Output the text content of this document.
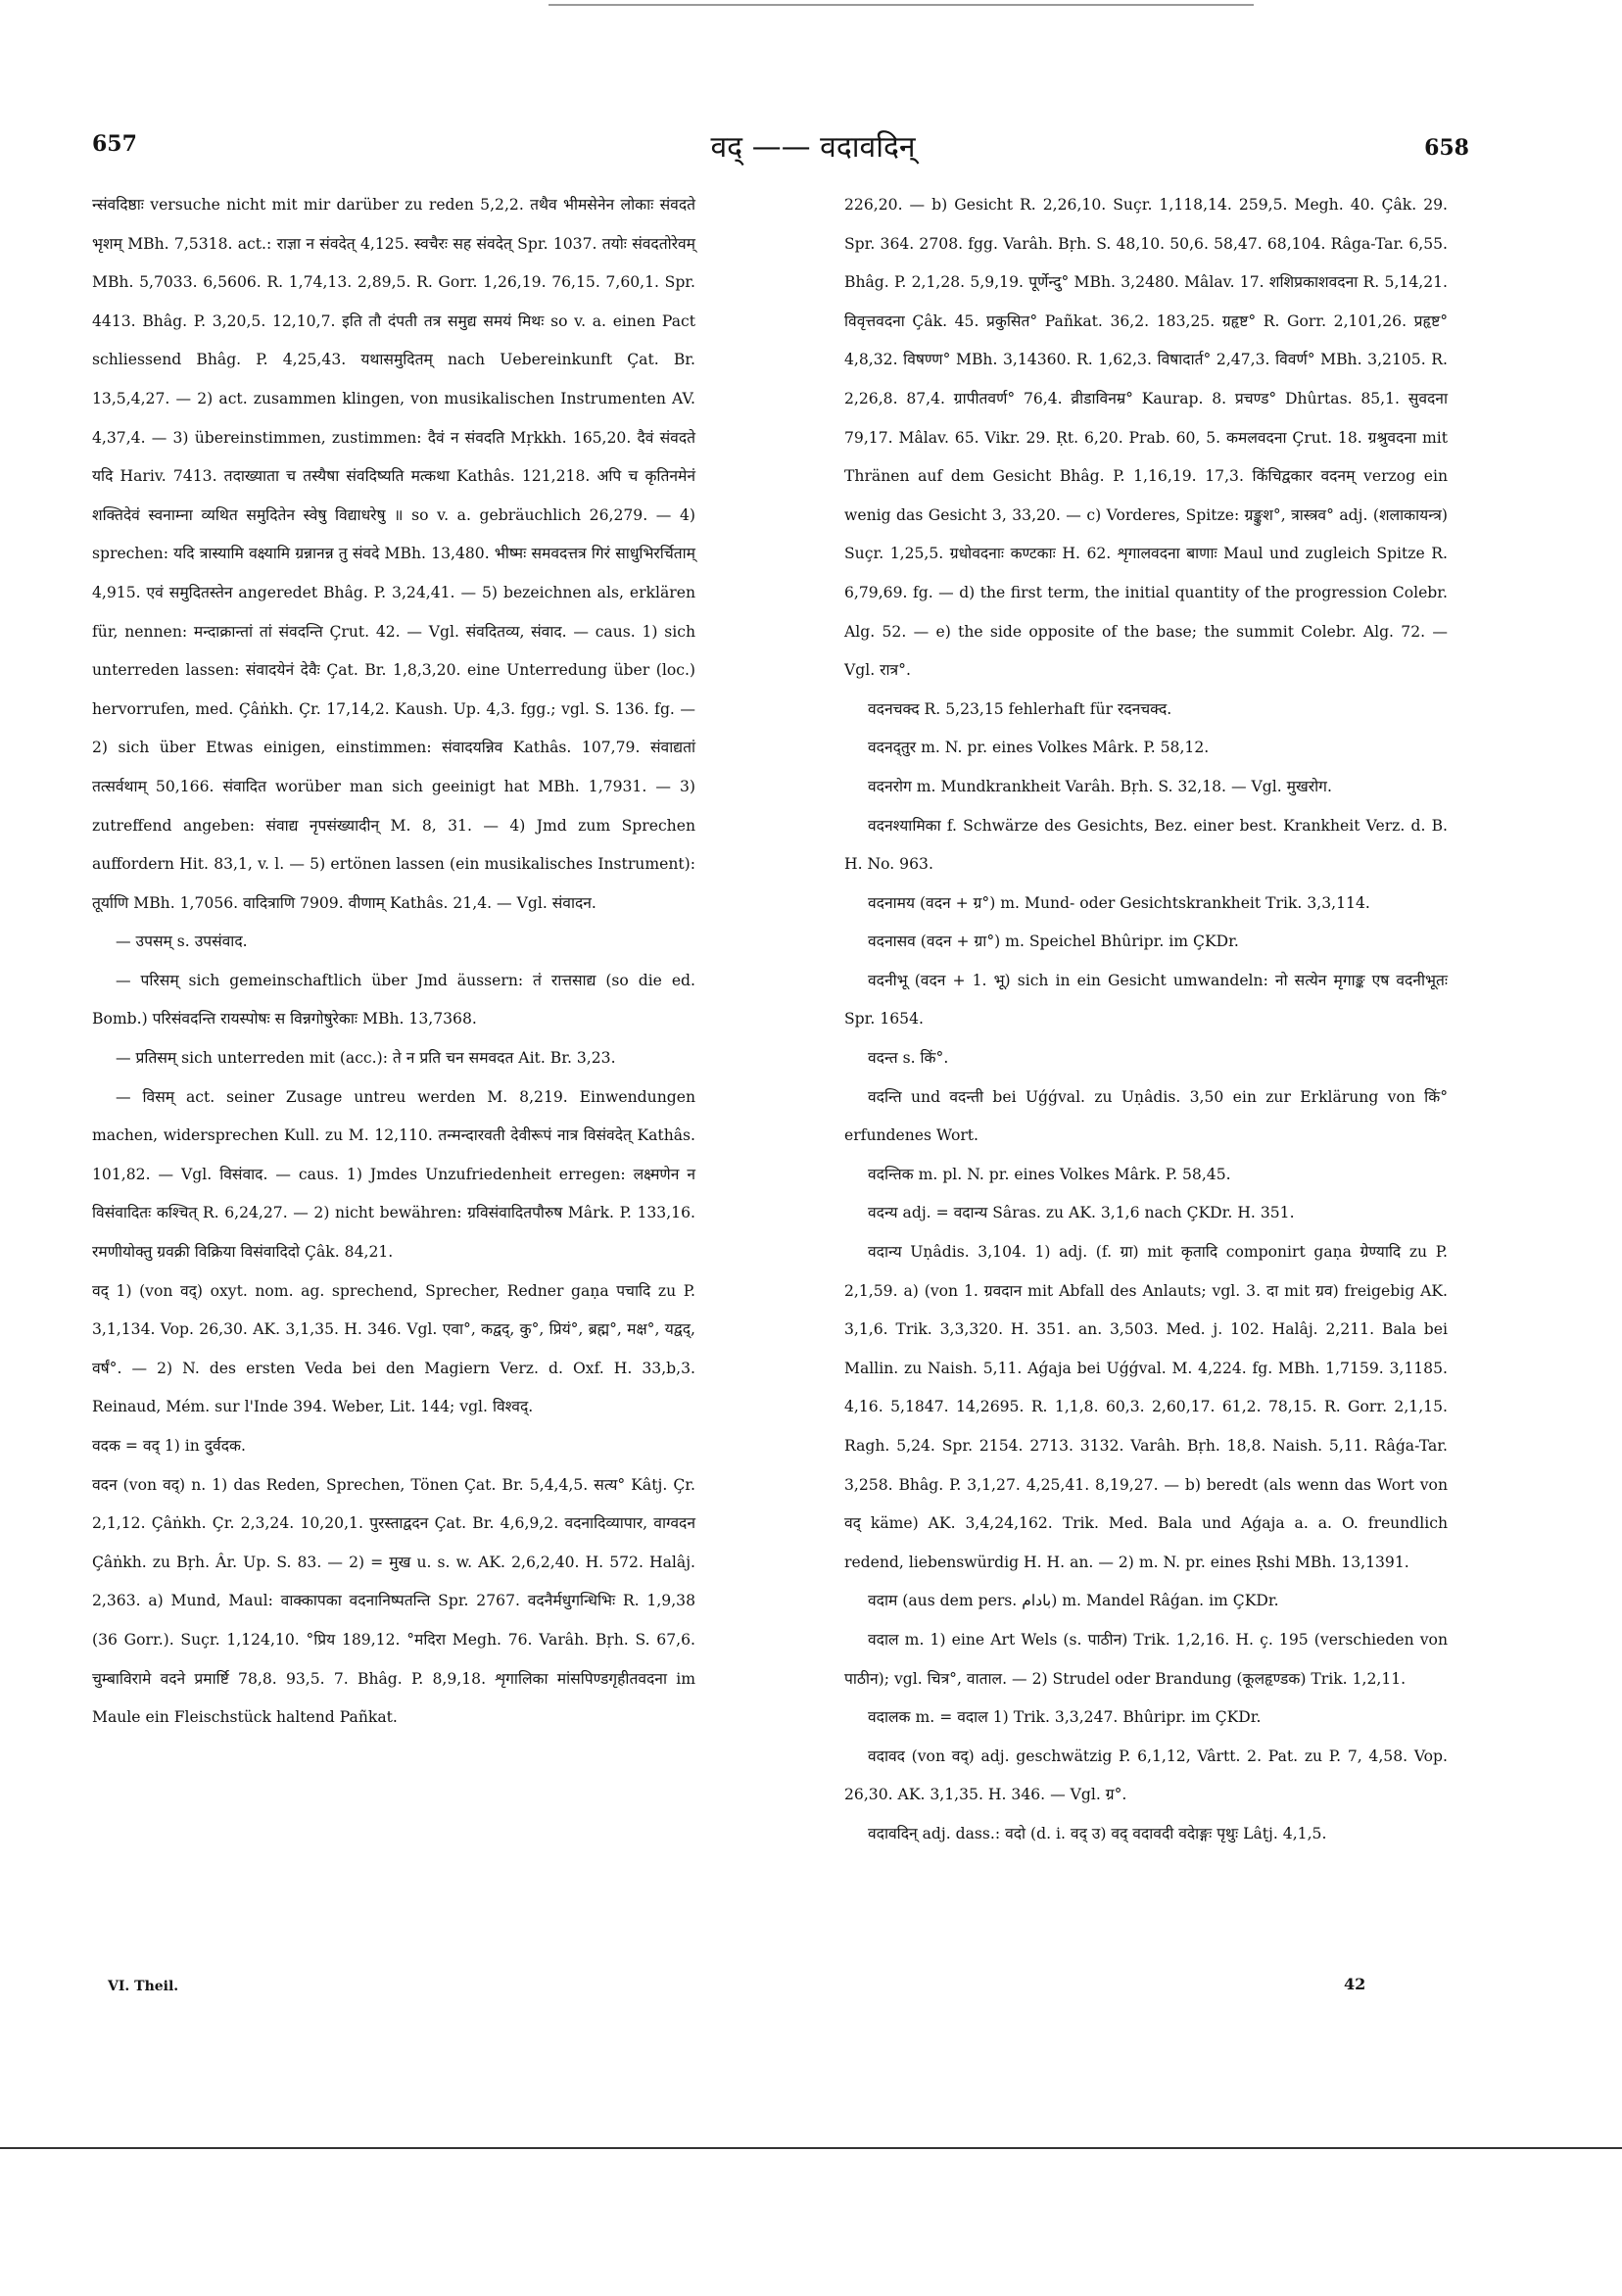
657	वद् —— वदावदिन्	658

न्संवदिष्ठाः versuche nicht mit mir darüber zu reden 5,2,2. तथैव भीमसेनेन लोकाः संवदते भृशम् MBh. 7,5318. act.: राज्ञा न संवदेत् 4,125. स्वचैरः सह संवदेत् Spr. 1037. तयोः संवदतोरेवम् MBh. 5,7033. 6,5606. R. 1,74,13. 2,89,5. R. Gorr. 1,26,19. 76,15. 7,60,1. Spr. 4413. Bhâg. P. 3,20,5. 12,10,7. इति तौ दंपती तत्र समुद्य समयं मिथः so v. a. einen Pact schliessend Bhâg. P. 4,25,43. यथासमुदितम् nach Uebereinkunft Çat. Br. 13,5,4,27. — 2) act. zusammen klingen, von musikalischen Instrumenten AV. 4,37,4. — 3) übereinstimmen, zustimmen: दैवं न संवदति Mṛkkh. 165,20. दैवं संवदते यदि Hariv. 7413. तदाख्याता च तस्यैषा संवदिष्यति मत्कथा Kathâs. 121,218. अपि च कृतिनमेनं शक्तिदेवं स्वनाम्ना व्यथित समुदितेन स्वेषु विद्याधरेषु ॥ so v. a. gebräuchlich 26,279. — 4) sprechen: यदि त्रास्यामि वक्ष्यामि ग्रन्नानन्न तु संवदे MBh. 13,480. भीष्मः समवदत्तत्र गिरं साधुभिरर्चिताम् 4,915. एवं समुदितस्तेन angeredet Bhâg. P. 3,24,41. — 5) bezeichnen als, erklären für, nennen: मन्दाक्रान्तां तां संवदन्ति Çrut. 42. — Vgl. संवदितव्य, संवाद. — caus. 1) sich unterreden lassen: संवादयेनं देवैः Çat. Br. 1,8,3,20. eine Unterredung über (loc.) hervorrufen, med. Çâṅkh. Çr. 17,14,2. Kaush. Up. 4,3. fgg.; vgl. S. 136. fg. — 2) sich über Etwas einigen, einstimmen: संवादयन्निव Kathâs. 107,79. संवाद्यतां तत्सर्वथाम् 50,166. संवादित worüber man sich geeinigt hat MBh. 1,7931. — 3) zutreffend angeben: संवाद्य नृपसंख्यादीन् M. 8, 31. — 4) Jmd zum Sprechen auffordern Hit. 83,1, v. l. — 5) ertönen lassen (ein musikalisches Instrument): तूर्याणि MBh. 1,7056. वादित्राणि 7909. वीणाम् Kathâs. 21,4. — Vgl. संवादन.

— उपसम् s. उपसंवाद.

— परिसम् sich gemeinschaftlich über Jmd äussern: तं रात्तसाद्य (so die ed. Bomb.) परिसंवदन्ति रायस्पोषः स विन्नगोषुरेकाः MBh. 13,7368.

— प्रतिसम् sich unterreden mit (acc.): ते न प्रति चन समवदत Ait. Br. 3,23.

— विसम् act. seiner Zusage untreu werden M. 8,219. Einwendungen machen, widersprechen Kull. zu M. 12,110. तन्मन्दारवती देवीरूपं नात्र विसंवदेत् Kathâs. 101,82. — Vgl. विसंवाद. — caus. 1) Jmdes Unzufriedenheit erregen: लक्ष्मणेन न विसंवादितः कश्चित् R. 6,24,27. — 2) nicht bewähren: ग्रविसंवादितपौरुष Mârk. P. 133,16. रमणीयोक्तु ग्रवक्री विक्रिया विसंवादिदो Çâk. 84,21.

वद् 1) (von वद्) oxyt. nom. ag. sprechend, Sprecher, Redner gaṇa पचादि zu P. 3,1,134. Vop. 26,30. AK. 3,1,35. H. 346. Vgl. एवा°, कद्वद्, कु°, प्रियं°, ब्रह्म°, मक्ष°, यद्वद्, वर्षं°. — 2) N. des ersten Veda bei den Magiern Verz. d. Oxf. H. 33,b,3. Reinaud, Mém. sur l'Inde 394. Weber, Lit. 144; vgl. विश्वद्.

वदक = वद् 1) in दुर्वदक.

वदन (von वद्) n. 1) das Reden, Sprechen, Tönen Çat. Br. 5,4,4,5. सत्य° Kâtj. Çr. 2,1,12. Çâṅkh. Çr. 2,3,24. 10,20,1. पुरस्ताद्वदन Çat. Br. 4,6,9,2. वदनादिव्यापार, वाग्वदन Çâṅkh. zu Bṛh. Âr. Up. S. 83. — 2) = मुख u. s. w. AK. 2,6,2,40. H. 572. Halâj. 2,363. a) Mund, Maul: वाक्कापका वदनानिष्पतन्ति Spr. 2767. वदनैर्मधुगन्धिभिः R. 1,9,38 (36 Gorr.). Suçr. 1,124,10. °प्रिय 189,12. °मदिरा Megh. 76. Varâh. Bṛh. S. 67,6. चुम्बाविरामे वदने प्रमार्ष्टि 78,8. 93,5. 7. Bhâg. P. 8,9,18. शृगालिका मांसपिण्डगृहीतवदना im Maule ein Fleischstück haltend Pañkat.

226,20. — b) Gesicht R. 2,26,10. Suçr. 1,118,14. 259,5. Megh. 40. Çâk. 29. Spr. 364. 2708. fgg. Varâh. Bṛh. S. 48,10. 50,6. 58,47. 68,104. Râga-Tar. 6,55. Bhâg. P. 2,1,28. 5,9,19. पूर्णेन्दु° MBh. 3,2480. Mâlav. 17. शशिप्रकाशवदना R. 5,14,21. विवृत्तवदना Çâk. 45. प्रकुसित° Pañkat. 36,2. 183,25. ग्रहृष्ट° R. Gorr. 2,101,26. प्रहृष्ट° 4,8,32. विषण्ण° MBh. 3,14360. R. 1,62,3. विषादार्त° 2,47,3. विवर्ण° MBh. 3,2105. R. 2,26,8. 87,4. ग्रापीतवर्ण° 76,4. व्रीडाविनम्र° Kaurap. 8. प्रचण्ड° Dhûrtas. 85,1. सुवदना 79,17. Mâlav. 65. Vikr. 29. Ṛt. 6,20. Prab. 60, 5. कमलवदना Çrut. 18. ग्रश्रुवदना mit Thränen auf dem Gesicht Bhâg. P. 1,16,19. 17,3. किंचिद्वकार वदनम् verzog ein wenig das Gesicht 3, 33,20. — c) Vorderes, Spitze: ग्रङ्कुश°, त्रास्त्रव° adj. (शलाकायन्त्र) Suçr. 1,25,5. ग्रधोवदनाः कण्टकाः H. 62. शृगालवदना बाणाः Maul und zugleich Spitze R. 6,79,69. fg. — d) the first term, the initial quantity of the progression Colebr. Alg. 52. — e) the side opposite of the base; the summit Colebr. Alg. 72. — Vgl. रात्र°.

वदनचक्द R. 5,23,15 fehlerhaft für रदनचक्द.

वदनद्तुर m. N. pr. eines Volkes Mârk. P. 58,12.

वदनरोग m. Mundkrankheit Varâh. Bṛh. S. 32,18. — Vgl. मुखरोग.

वदनश्यामिका f. Schwärze des Gesichts, Bez. einer best. Krankheit Verz. d. B. H. No. 963.

वदनामय (वदन + ग्र°) m. Mund- oder Gesichtskrankheit Trik. 3,3,114.

वदनासव (वदन + ग्रा°) m. Speichel Bhûripr. im ÇKDr.

वदनीभू (वदन + 1. भू) sich in ein Gesicht umwandeln: नो सत्येन मृगाङ्क एष वदनीभूतः Spr. 1654.

वदन्त s. किं°.

वदन्ति und वदन्ती bei Uǵǵval. zu Uṇâdis. 3,50 ein zur Erklärung von किं° erfundenes Wort.

वदन्तिक m. pl. N. pr. eines Volkes Mârk. P. 58,45.

वदन्य adj. = वदान्य Sâras. zu AK. 3,1,6 nach ÇKDr. H. 351.

वदान्य Uṇâdis. 3,104. 1) adj. (f. ग्रा) mit कृतादि componirt gaṇa ग्रेण्यादि zu P. 2,1,59. a) (von 1. ग्रवदान mit Abfall des Anlauts; vgl. 3. दा mit ग्रव) freigebig AK. 3,1,6. Trik. 3,3,320. H. 351. an. 3,503. Med. j. 102. Halâj. 2,211. Bala bei Mallin. zu Naish. 5,11. Aǵaja bei Uǵǵval. M. 4,224. fg. MBh. 1,7159. 3,1185. 4,16. 5,1847. 14,2695. R. 1,1,8. 60,3. 2,60,17. 61,2. 78,15. R. Gorr. 2,1,15. Ragh. 5,24. Spr. 2154. 2713. 3132. Varâh. Bṛh. 18,8. Naish. 5,11. Râǵa-Tar. 3,258. Bhâg. P. 3,1,27. 4,25,41. 8,19,27. — b) beredt (als wenn das Wort von वद् käme) AK. 3,4,24,162. Trik. Med. Bala und Aǵaja a. a. O. freundlich redend, liebenswürdig H. H. an. — 2) m. N. pr. eines Ṛshi MBh. 13,1391.

वदाम (aus dem pers. بادام) m. Mandel Râǵan. im ÇKDr.

वदाल m. 1) eine Art Wels (s. पाठीन) Trik. 1,2,16. H. ç. 195 (verschieden von पाठीन); vgl. चित्र°, वाताल. — 2) Strudel oder Brandung (कूलहृण्डक) Trik. 1,2,11.

वदालक m. = वदाल 1) Trik. 3,3,247. Bhûripr. im ÇKDr.

वदावद (von वद्) adj. geschwätzig P. 6,1,12, Vârtt. 2. Pat. zu P. 7, 4,58. Vop. 26,30. AK. 3,1,35. H. 346. — Vgl. ग्र°.

वदावदिन् adj. dass.: वदो (d. i. वद् उ) वद् वदावदी वदेाङ्गः पृथुः Lâṭj. 4,1,5.

VI. Theil.	42
